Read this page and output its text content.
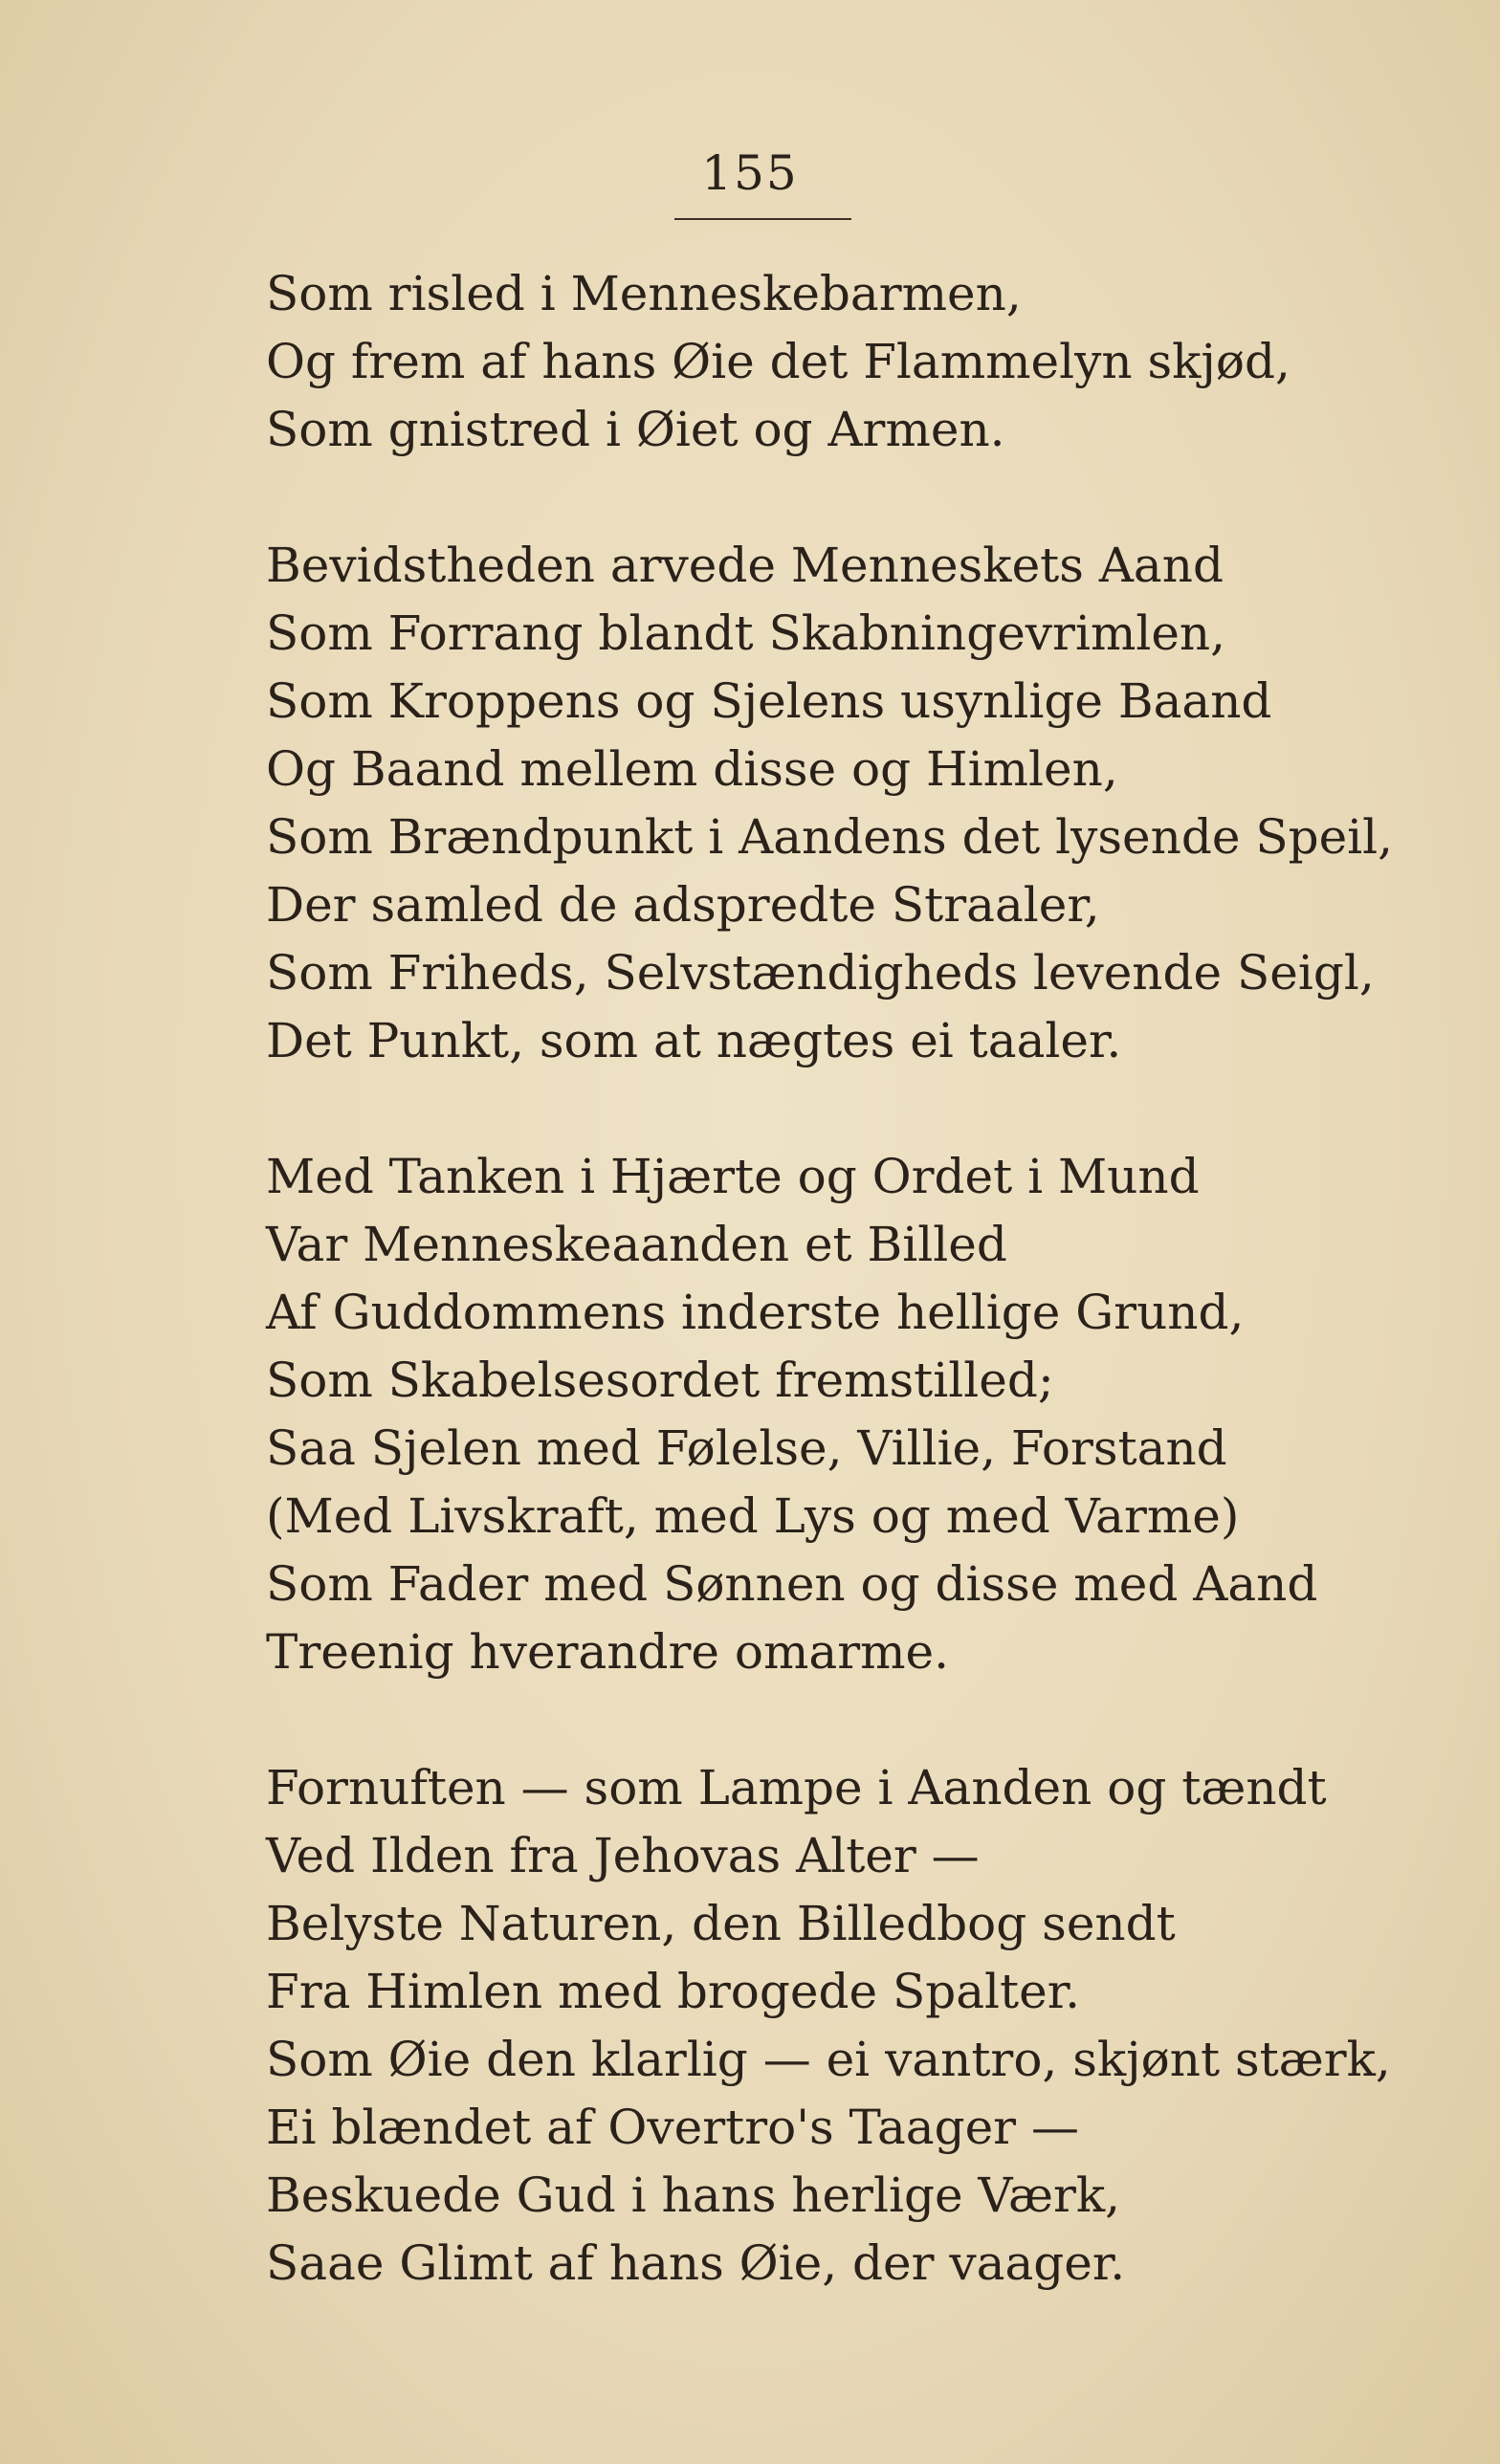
155
Som risled i Menneskebarmen,
Og frem af hans Øie det Flammelyn skjød,
Som gnistred i Øiet og Armen.
Bevidstheden arvede Menneskets Aand
Som Forrang blandt Skabningevrimlen,
Som Kroppens og Sjelens usynlige Baand
Og Baand mellem disse og Himlen,
Som Brændpunkt i Aandens det lysende Speil,
Der samled de adspredte Straaler,
Som Friheds, Selvstændigheds levende Seigl,
Det Punkt, som at nægtes ei taaler.
Med Tanken i Hjærte og Ordet i Mund
Var Menneskeaanden et Billed
Af Guddommens inderste hellige Grund,
Som Skabelsesordet fremstilled;
Saa Sjelen med Følelse, Villie, Forstand
(Med Livskraft, med Lys og med Varme)
Som Fader med Sønnen og disse med Aand
Treenig hverandre omarme.
Fornuften — som Lampe i Aanden og tændt
Ved Ilden fra Jehovas Alter —
Belyste Naturen, den Billedbog sendt
Fra Himlen med brogede Spalter.
Som Øie den klarlig — ei vantro, skjønt stærk,
Ei blændet af Overtro's Taager —
Beskuede Gud i hans herlige Værk,
Saae Glimt af hans Øie, der vaager.
